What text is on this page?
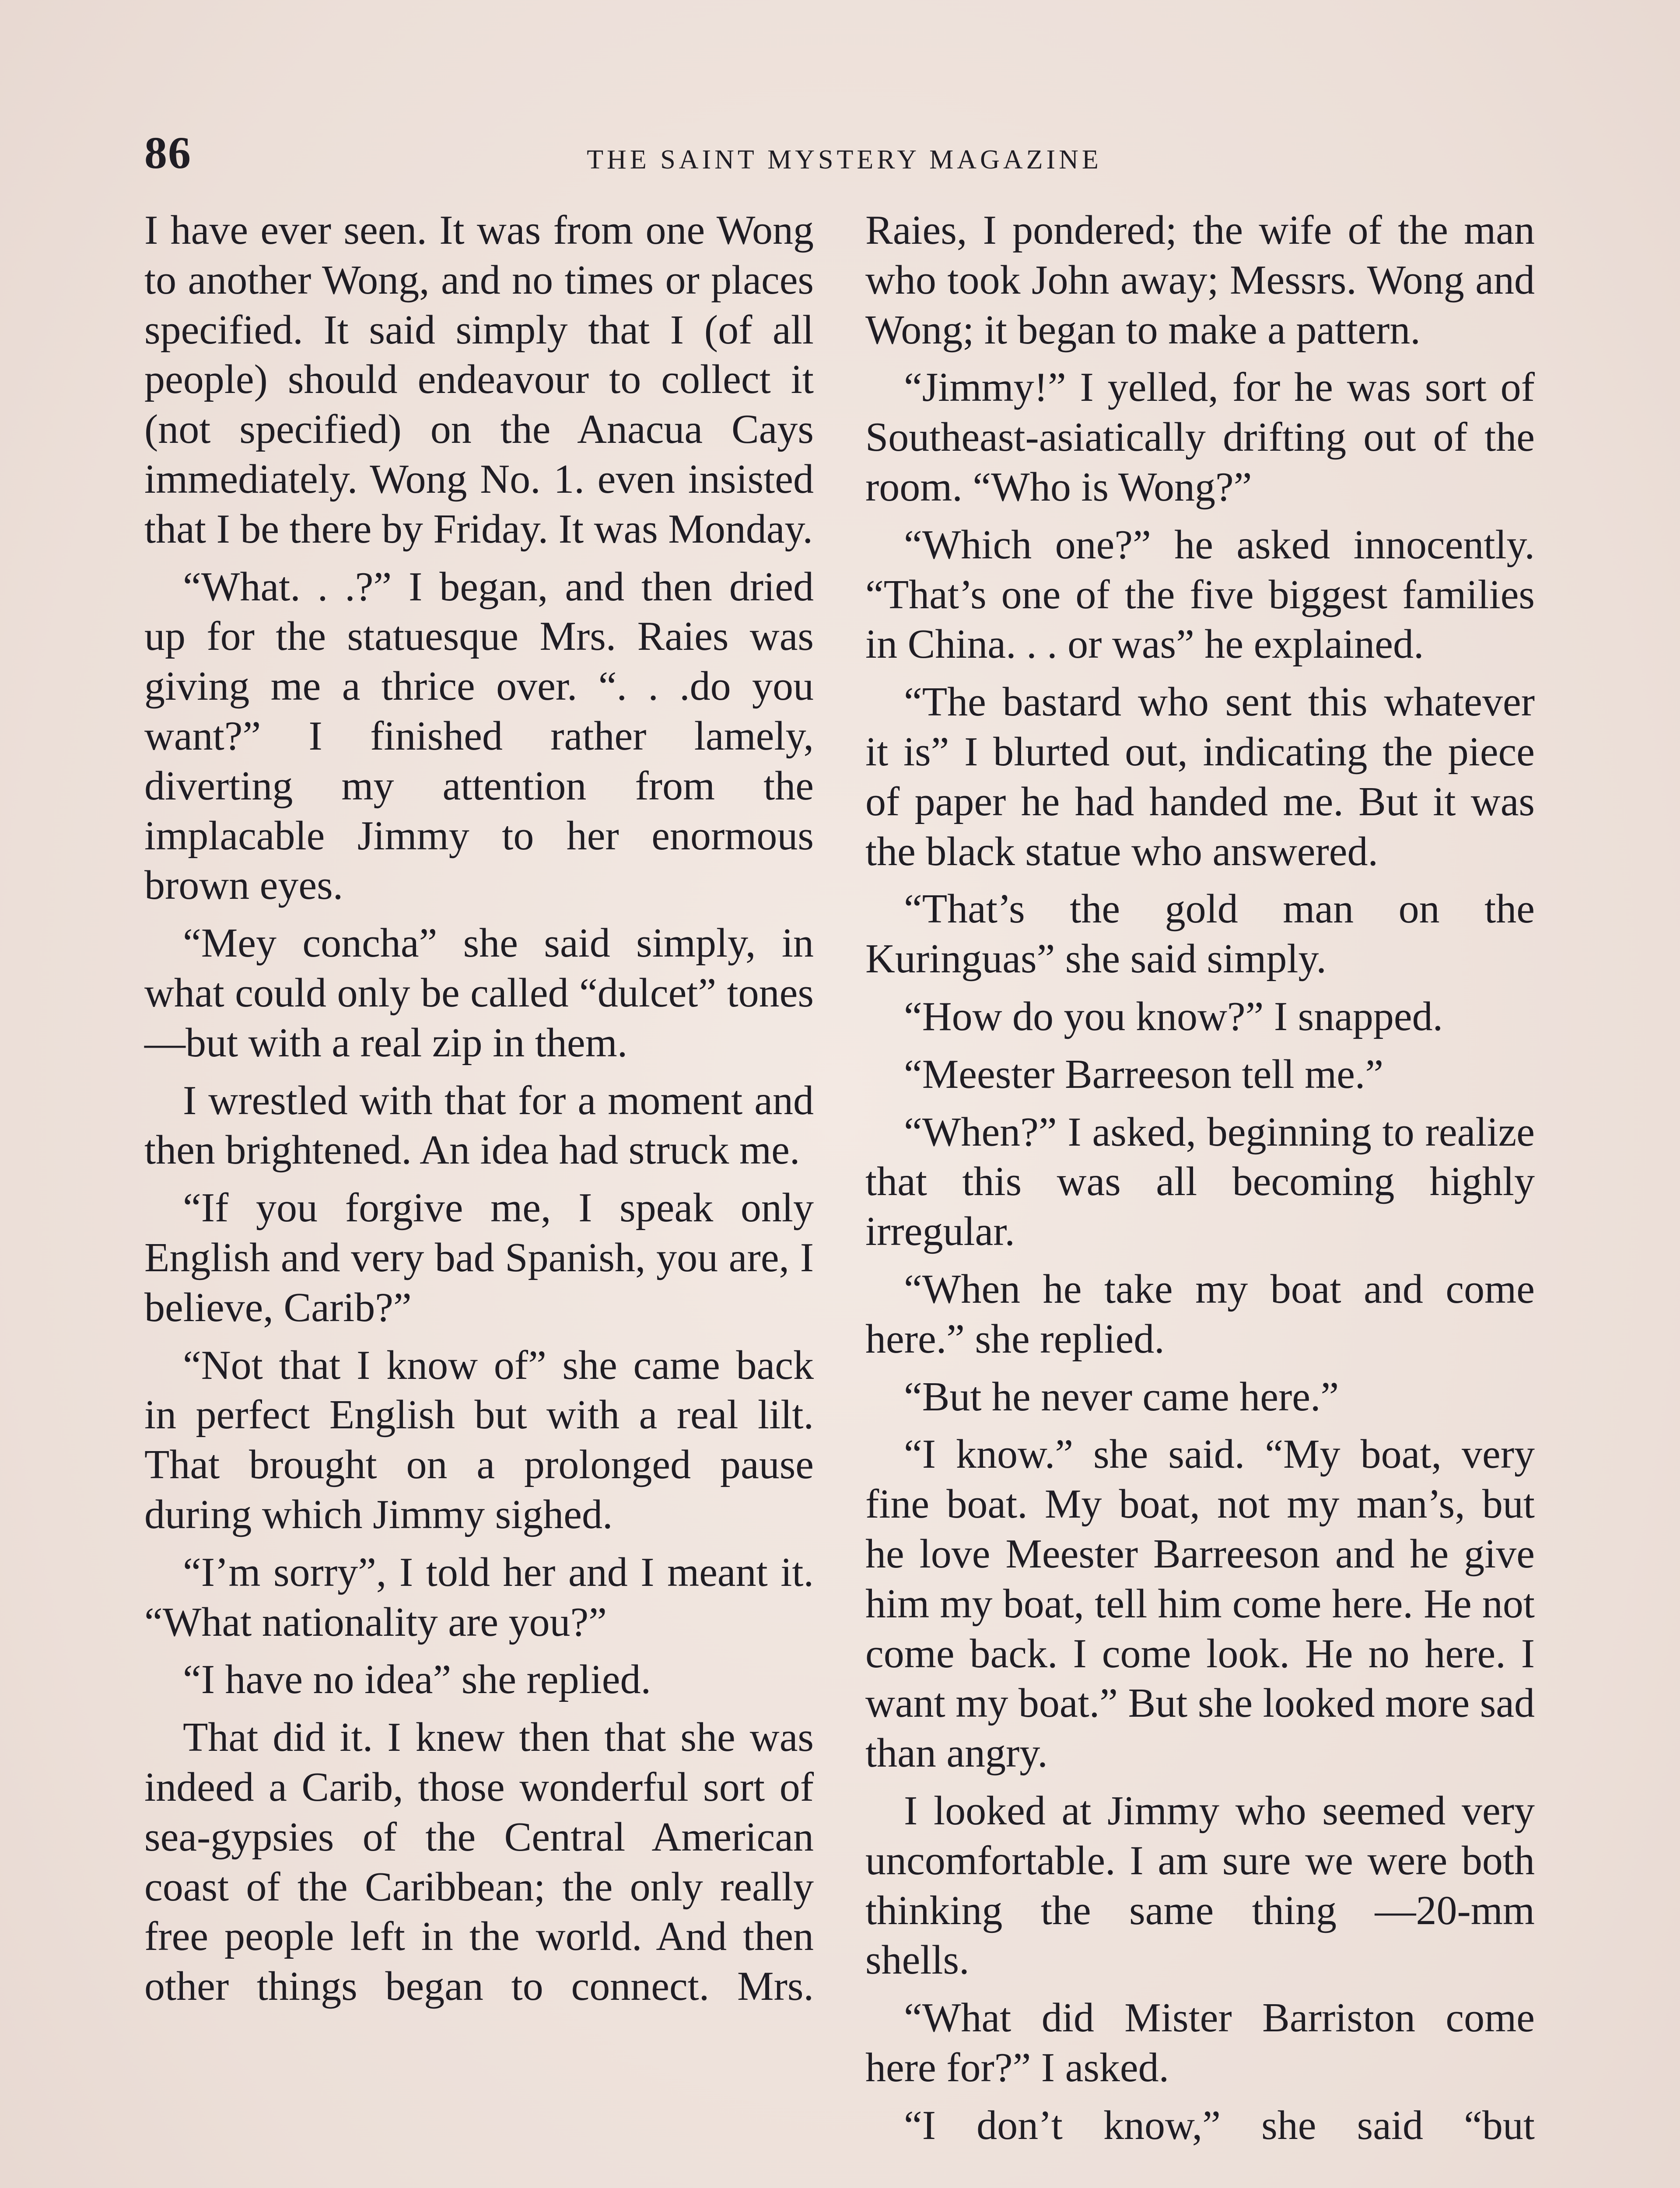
86	THE SAINT MYSTERY MAGAZINE

I have ever seen. It was from one Wong to another Wong, and no times or places specified. It said simply that I (of all people) should endeavour to collect it (not specified) on the Anacua Cays immediately. Wong No. 1. even insisted that I be there by Friday. It was Monday.

“What. . .?” I began, and then dried up for the statuesque Mrs. Raies was giving me a thrice over. “. . .do you want?” I finished rather lamely, diverting my attention from the implacable Jimmy to her enormous brown eyes.

“Mey concha” she said simply, in what could only be called “dulcet” tones—but with a real zip in them.

I wrestled with that for a moment and then brightened. An idea had struck me.

“If you forgive me, I speak only English and very bad Spanish, you are, I believe, Carib?”

“Not that I know of” she came back in perfect English but with a real lilt. That brought on a prolonged pause during which Jimmy sighed.

“I’m sorry”, I told her and I meant it. “What nationality are you?”

“I have no idea” she replied.

That did it. I knew then that she was indeed a Carib, those wonderful sort of sea-gypsies of the Central American coast of the Caribbean; the only really free people left in the world. And then other things began to connect. Mrs.

Raies, I pondered; the wife of the man who took John away; Messrs. Wong and Wong; it began to make a pattern.

“Jimmy!” I yelled, for he was sort of Southeast-asiatically drifting out of the room. “Who is Wong?”

“Which one?” he asked innocently. “That’s one of the five biggest families in China. . . or was” he explained.

“The bastard who sent this whatever it is” I blurted out, indicating the piece of paper he had handed me. But it was the black statue who answered.

“That’s the gold man on the Kuringuas” she said simply.

“How do you know?” I snapped.

“Meester Barreeson tell me.”

“When?” I asked, beginning to realize that this was all becoming highly irregular.

“When he take my boat and come here.” she replied.

“But he never came here.”

“I know.” she said. “My boat, very fine boat. My boat, not my man’s, but he love Meester Barreeson and he give him my boat, tell him come here. He not come back. I come look. He no here. I want my boat.” But she looked more sad than angry.

I looked at Jimmy who seemed very uncomfortable. I am sure we were both thinking the same thing —20-mm shells.

“What did Mister Barriston come here for?” I asked.

“I don’t know,” she said “but
